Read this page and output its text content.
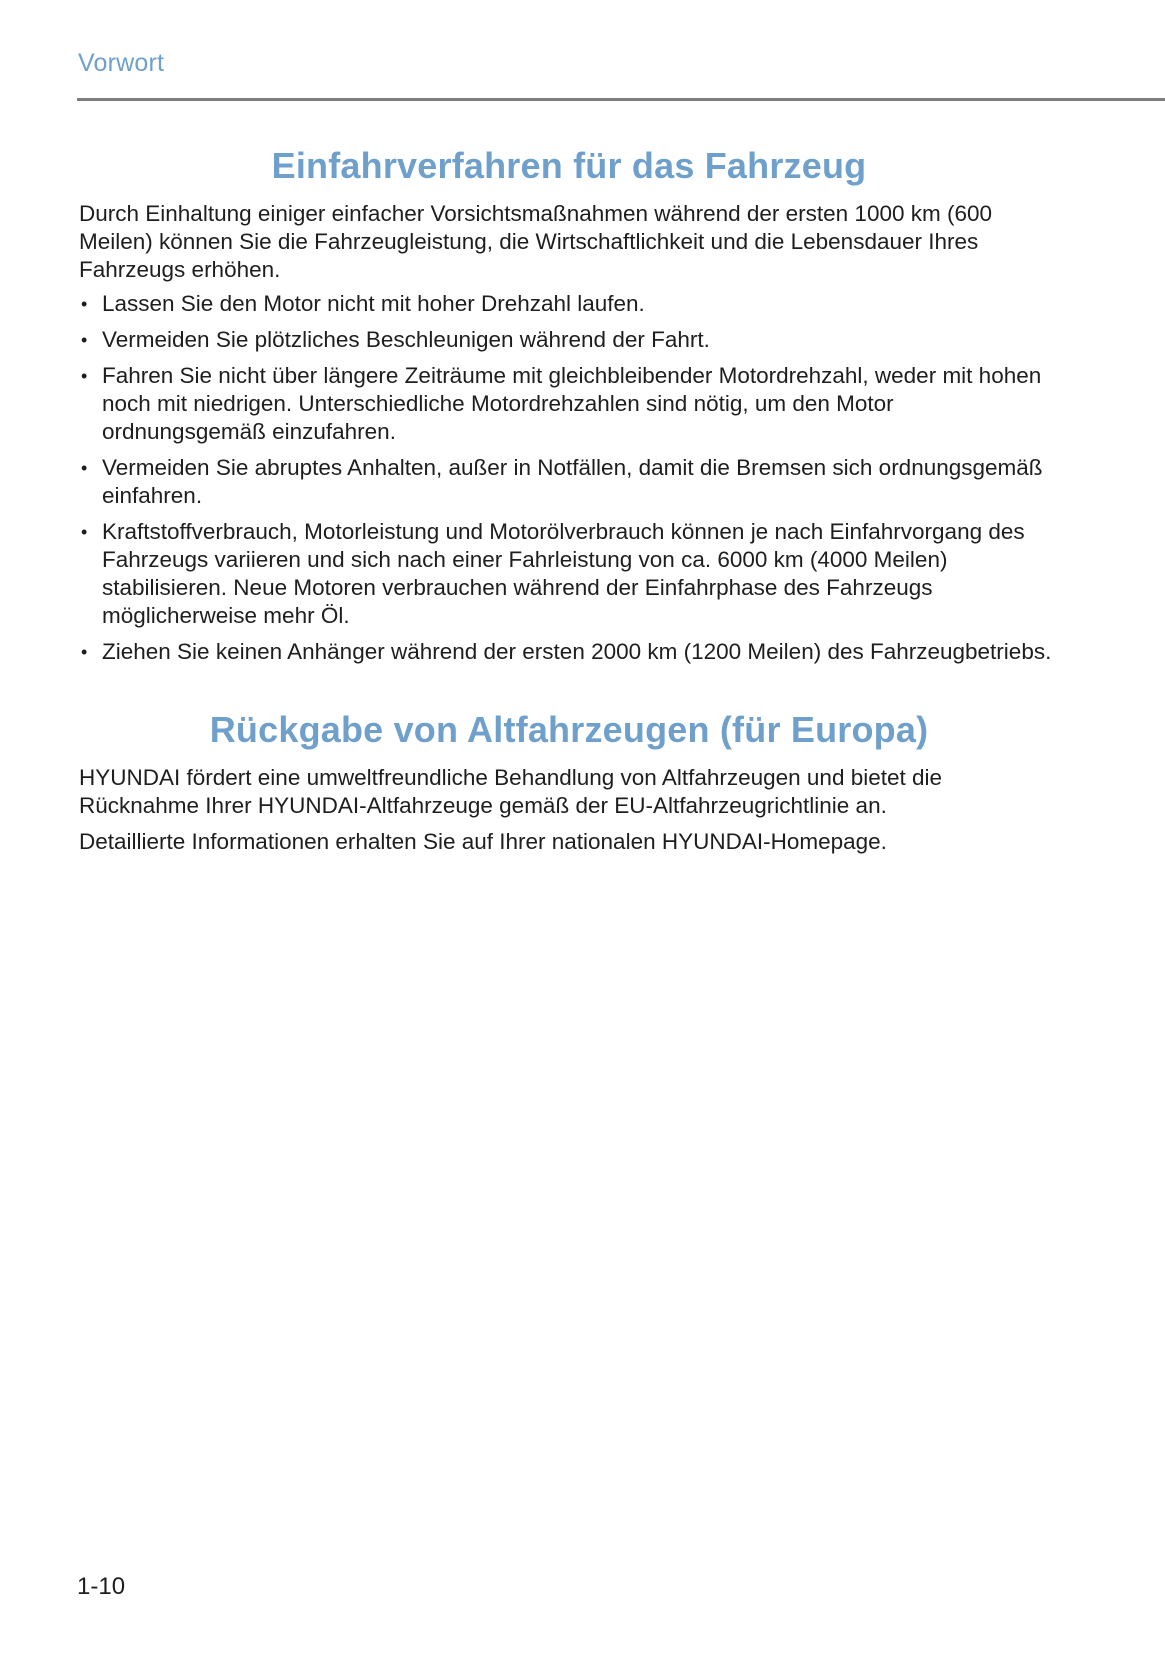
Vorwort
Einfahrverfahren für das Fahrzeug

Durch Einhaltung einiger einfacher Vorsichtsmaßnahmen während der ersten 1000 km (600 Meilen) können Sie die Fahrzeugleistung, die Wirtschaftlichkeit und die Lebensdauer Ihres Fahrzeugs erhöhen.

• Lassen Sie den Motor nicht mit hoher Drehzahl laufen.
• Vermeiden Sie plötzliches Beschleunigen während der Fahrt.
• Fahren Sie nicht über längere Zeiträume mit gleichbleibender Motordrehzahl, weder mit hohen noch mit niedrigen. Unterschiedliche Motordrehzahlen sind nötig, um den Motor ordnungsgemäß einzufahren.
• Vermeiden Sie abruptes Anhalten, außer in Notfällen, damit die Bremsen sich ordnungsgemäß einfahren.
• Kraftstoffverbrauch, Motorleistung und Motorölverbrauch können je nach Einfahrvorgang des Fahrzeugs variieren und sich nach einer Fahrleistung von ca. 6000 km (4000 Meilen) stabilisieren. Neue Motoren verbrauchen während der Einfahrphase des Fahrzeugs möglicherweise mehr Öl.
• Ziehen Sie keinen Anhänger während der ersten 2000 km (1200 Meilen) des Fahrzeugbetriebs.
Rückgabe von Altfahrzeugen (für Europa)

HYUNDAI fördert eine umweltfreundliche Behandlung von Altfahrzeugen und bietet die Rücknahme Ihrer HYUNDAI-Altfahrzeuge gemäß der EU-Altfahrzeugrichtlinie an.

Detaillierte Informationen erhalten Sie auf Ihrer nationalen HYUNDAI-Homepage.

1-10
